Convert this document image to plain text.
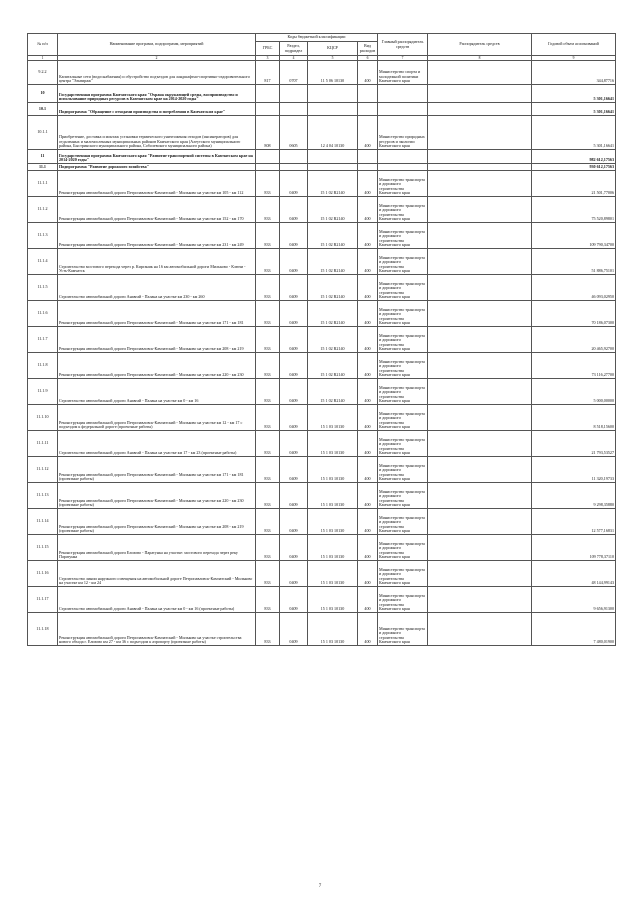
№ п/п	Наименование программ, подпрограмм, мероприятий	Коды бюджетной классификации				Главный распорядитель средств	Распорядитель средств	Годовой объем ассигнований
		ГРБС	Раздел, подраздел	КЦСР	Вид расходов			
1	2	3	4	5	6	7	8	9
9.2.2	Капитальные сети (водоснабжения) и обустройство подъездов для ландшафтно-спортивно-оздоровительного центра "Эльвираж"	817	0707	11 5 06 10130	400	Министерство спорта и молодежной политики Камчатского края		344,87716
10	Государственная программа Камчатского края "Охрана окружающей среды, воспроизводство и использование природных ресурсов в Камчатском крае на 2014-2020 годы"							5 301,16641
10.1	Подпрограмма "Обращение с отходами производства и потребления в Камчатском крае"							5 301,16641
10.1.1	Приобретение, доставка и монтаж установки термического уничтожения отходов (инсинераторов) для отдаленных и малочисленных муниципальных районов Камчатского края (Алеутского муниципального района, Быстринского муниципального района, Соболевского муниципального района)	808	0605	12 4 04 10130	400	Министерство природных ресурсов и экологии Камчатского края		5 301,16641
11	Государственная программа Камчатского края "Развитие транспортной системы в Камчатском крае на 2014-2020 годы"							982 612,17563
11.1	Подпрограмма "Развитие дорожного хозяйства"							930 612,17563
11.1.1	Реконструкция автомобильной дороги Петропавловск-Камчатский - Мильково на участке км 105 - км 112	833	0409	15 1 02 R2140	400	Министерство транспорта и дорожного строительства Камчатского края		21 501,77006
11.1.2	Реконструкция автомобильной дороги Петропавловск-Камчатский - Мильково на участке км 152 - км 170	833	0409	15 1 02 R2140	400	Министерство транспорта и дорожного строительства Камчатского края		75 520,89801
11.1.3	Реконструкция автомобильной дороги Петропавловск-Камчатский - Мильково на участке км 231 - км 249	833	0409	15 1 02 R2140	400	Министерство транспорта и дорожного строительства Камчатского края		109 790,34700
11.1.4	Строительство мостового перехода через р. Кирганик на 16 км автомобильной дороги Мильково - Ключи - Усть-Камчатск	833	0409	15 1 02 R2140	400	Министерство транспорта и дорожного строительства Камчатского края		51 886,75101
11.1.5	Строительство автомобильной дороги Анавгай - Палана на участке км 230 - км 260	833	0409	15 1 02 R2140	400	Министерство транспорта и дорожного строительства Камчатского края		46 093,02950
11.1.6	Реконструкция автомобильной дороги Петропавловск-Камчатский - Мильково на участке км 171 - км 181	833	0409	15 1 02 R2140	400	Министерство транспорта и дорожного строительства Камчатского края		70 186,07300
11.1.7	Реконструкция автомобильной дороги Петропавловск-Камчатский - Мильково на участке км 208 - км 219	833	0409	15 1 02 R2140	400	Министерство транспорта и дорожного строительства Камчатского края		20 465,92700
11.1.8	Реконструкция автомобильной дороги Петропавловск-Камчатский - Мильково на участке км 220 - км 230	833	0409	15 1 02 R2140	400	Министерство транспорта и дорожного строительства Камчатского края		73 116,27700
11.1.9	Строительство автомобильной дороги Анавгай - Палана на участке км 0 - км 16	833	0409	15 1 02 R2140	400	Министерство транспорта и дорожного строительства Камчатского края		5 000,00000
11.1.10	Реконструкция автомобильной дороги Петропавловск-Камчатский - Мильково на участке км 12 - км 17 с подъездом к федеральной дороге (проектные работы)	833	0409	15 1 03 10130	400	Министерство транспорта и дорожного строительства Камчатского края		8 518,15600
11.1.11	Строительство автомобильной дороги Анавгай - Палана на участке км 17 - км 23 (проектные работы)	833	0409	15 1 03 10130	400	Министерство транспорта и дорожного строительства Камчатского края		21 793,53527
11.1.12	Реконструкция автомобильной дороги Петропавловск-Камчатский - Мильково на участке км 171 - км 181 (проектные работы)	833	0409	15 1 03 10130	400	Министерство транспорта и дорожного строительства Камчатского края		11 320,19733
11.1.13	Реконструкция автомобильной дороги Петропавловск-Камчатский - Мильково на участке км 220 - км 230 (проектные работы)	833	0409	15 1 03 10130	400	Министерство транспорта и дорожного строительства Камчатского края		9 298,35880
11.1.14	Реконструкция автомобильной дороги Петропавловск-Камчатский - Мильково на участке км 208 - км 219 (проектные работы)	833	0409	15 1 03 10130	400	Министерство транспорта и дорожного строительства Камчатского края		12 577,16831
11.1.15	Реконструкция автомобильной дороги Елизово - Паратунка на участке: мостового перехода через реку Паратунка	833	0409	15 1 03 10130	400	Министерство транспорта и дорожного строительства Камчатского края		109 778,37110
11.1.16	Строительство линии наружного освещения на автомобильной дороге Петропавловск-Камчатский - Мильково на участке км 12 - км 24	833	0409	15 1 03 10130	400	Министерство транспорта и дорожного строительства Камчатского края		48 144,99143
11.1.17	Строительство автомобильной дороги Анавгай - Палана на участке км 0 - км 16 (проектные работы)	833	0409	15 1 03 10130	400	Министерство транспорта и дорожного строительства Камчатского края		9 656,91300
11.1.18	Реконструкция автомобильной дороги Петропавловск-Камчатский - Мильково на участке строительства нового обхода г. Елизово км 27 - км 36 с подъездом к аэропорту (проектные работы)	833	0409	15 1 03 10130	400	Министерство транспорта и дорожного строительства Камчатского края		7 480,01900
7
